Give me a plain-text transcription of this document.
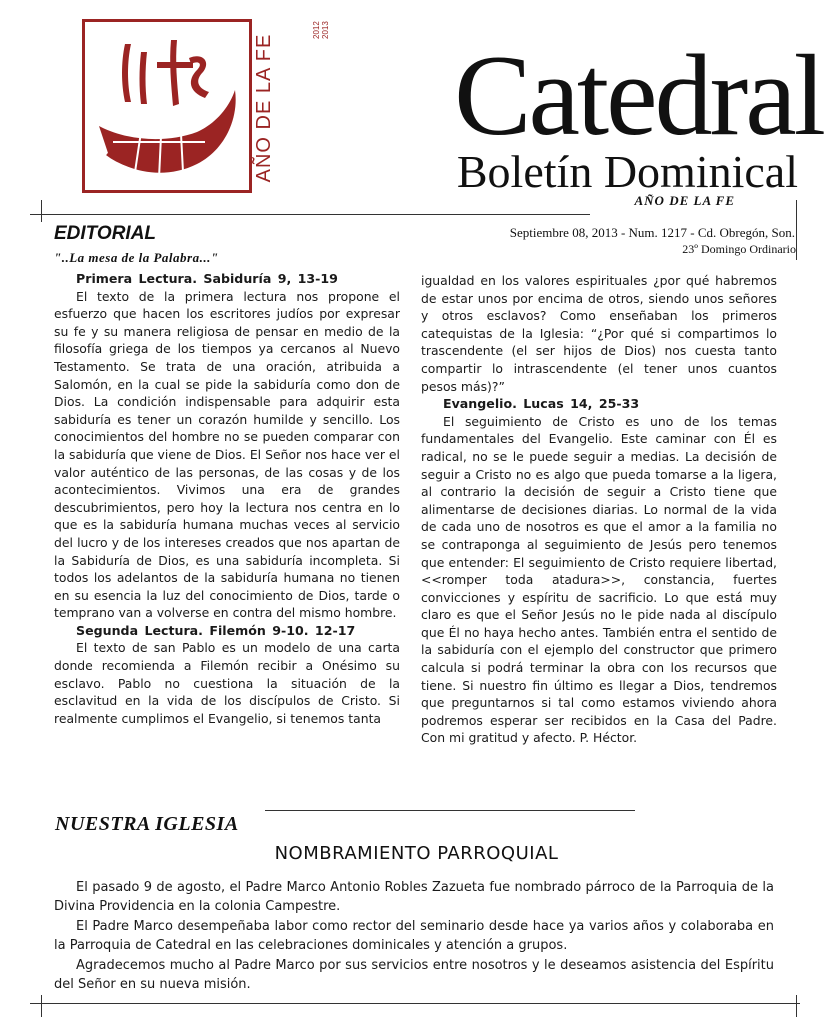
AÑO DE LA FE
2012 2013
Catedral
Boletín Dominical
AÑO DE LA FE
EDITORIAL	Septiembre 08, 2013 - Num. 1217 - Cd. Obregón, Son.
23º Domingo Ordinario
"..La mesa de la Palabra..."
Primera Lectura. Sabiduría 9, 13-19

El texto de la primera lectura nos propone el esfuerzo que hacen los escritores judíos por expresar su fe y su manera religiosa de pensar en medio de la filosofía griega de los tiempos ya cercanos al Nuevo Testamento. Se trata de una oración, atribuida a Salomón, en la cual se pide la sabiduría como don de Dios. La condición indispensable para adquirir esta sabiduría es tener un corazón humilde y sencillo. Los conocimientos del hombre no se pueden comparar con la sabiduría que viene de Dios. El Señor nos hace ver el valor auténtico de las personas, de las cosas y de los acontecimientos. Vivimos una era de grandes descubrimientos, pero hoy la lectura nos centra en lo que es la sabiduría humana muchas veces al servicio del lucro y de los intereses creados que nos apartan de la Sabiduría de Dios, es una sabiduría incompleta. Si todos los adelantos de la sabiduría humana no tienen en su esencia la luz del conocimiento de Dios, tarde o temprano van a volverse en contra del mismo hombre.

Segunda Lectura. Filemón 9-10. 12-17

El texto de san Pablo es un modelo de una carta donde recomienda a Filemón recibir a Onésimo su esclavo. Pablo no cuestiona la situación de la esclavitud en la vida de los discípulos de Cristo. Si realmente cumplimos el Evangelio, si tenemos tanta

igualdad en los valores espirituales ¿por qué habremos de estar unos por encima de otros, siendo unos señores y otros esclavos? Como enseñaban los primeros catequistas de la Iglesia: “¿Por qué si compartimos lo trascendente (el ser hijos de Dios) nos cuesta tanto compartir lo intrascendente (el tener unos cuantos pesos más)?”

Evangelio. Lucas 14, 25-33

El seguimiento de Cristo es uno de los temas fundamentales del Evangelio. Este caminar con Él es radical, no se le puede seguir a medias. La decisión de seguir a Cristo no es algo que pueda tomarse a la ligera, al contrario la decisión de seguir a Cristo tiene que alimentarse de decisiones diarias. Lo normal de la vida de cada uno de nosotros es que el amor a la familia no se contraponga al seguimiento de Jesús pero tenemos que entender: El seguimiento de Cristo requiere libertad, <<romper toda atadura>>, constancia, fuertes convicciones y espíritu de sacrificio. Lo que está muy claro es que el Señor Jesús no le pide nada al discípulo que Él no haya hecho antes. También entra el sentido de la sabiduría con el ejemplo del constructor que primero calcula si podrá terminar la obra con los recursos que tiene. Si nuestro fin último es llegar a Dios, tendremos que preguntarnos si tal como estamos viviendo ahora podremos esperar ser recibidos en la Casa del Padre. Con mi gratitud y afecto. P. Héctor.

NUESTRA IGLESIA
NOMBRAMIENTO PARROQUIAL

El pasado 9 de agosto, el Padre Marco Antonio Robles Zazueta fue nombrado párroco de la Parroquia de la Divina Providencia en la colonia Campestre.

El Padre Marco desempeñaba labor como rector del seminario desde hace ya varios años y colaboraba en la Parroquia de Catedral en las celebraciones dominicales y atención a grupos.

Agradecemos mucho al Padre Marco por sus servicios entre nosotros y le deseamos asistencia del Espíritu del Señor en su nueva misión.
